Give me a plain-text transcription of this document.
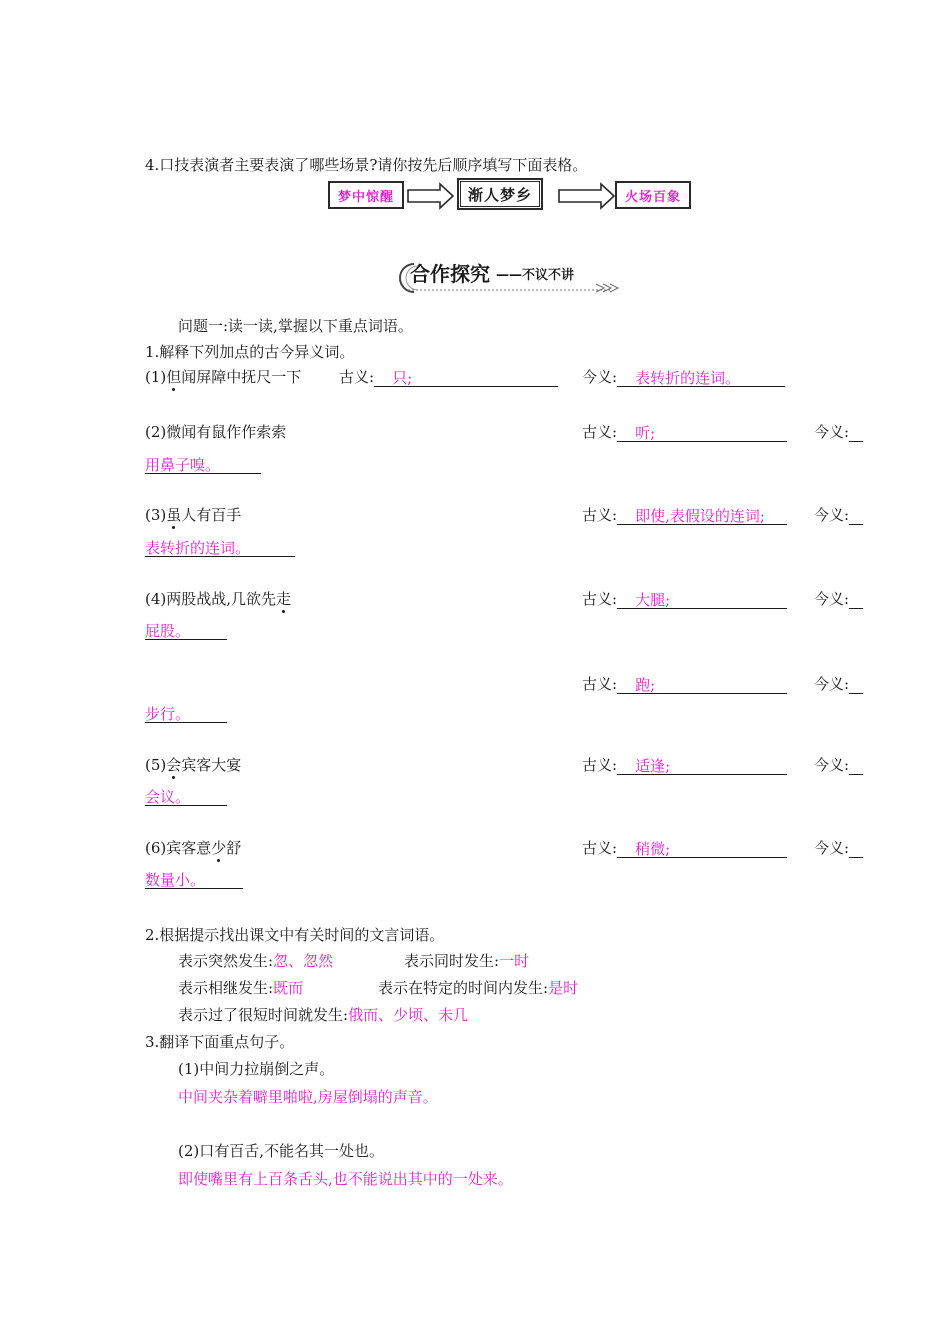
4.口技表演者主要表演了哪些场景?请你按先后顺序填写下面表格。
梦中惊醒	渐人梦乡	火场百象
合作探究 ——不议不讲
问题一:读一读,掌握以下重点词语。
1.解释下列加点的古今异义词。
(1)但闻屏障中抚尺一下	古义: 只;	今义: 表转折的连词。
(2)微闻有鼠作作索索	古义: 听;	今义:
用鼻子嗅。
(3)虽人有百手	古义: 即使,表假设的连词;	今义:
表转折的连词。
(4)两股战战,几欲先走	古义: 大腿;	今义:
屁股。
古义: 跑;	今义:
步行。
(5)会宾客大宴	古义: 适逢;	今义:
会议。
(6)宾客意少舒	古义: 稍微;	今义:
数量小。
2.根据提示找出课文中有关时间的文言词语。
表示突然发生:忽、忽然	表示同时发生:一时
表示相继发生:既而	表示在特定的时间内发生:是时
表示过了很短时间就发生:俄而、少顷、未几
3.翻译下面重点句子。
(1)中间力拉崩倒之声。
中间夹杂着噼里啪啦,房屋倒塌的声音。
(2)口有百舌,不能名其一处也。
即使嘴里有上百条舌头,也不能说出其中的一处来。
